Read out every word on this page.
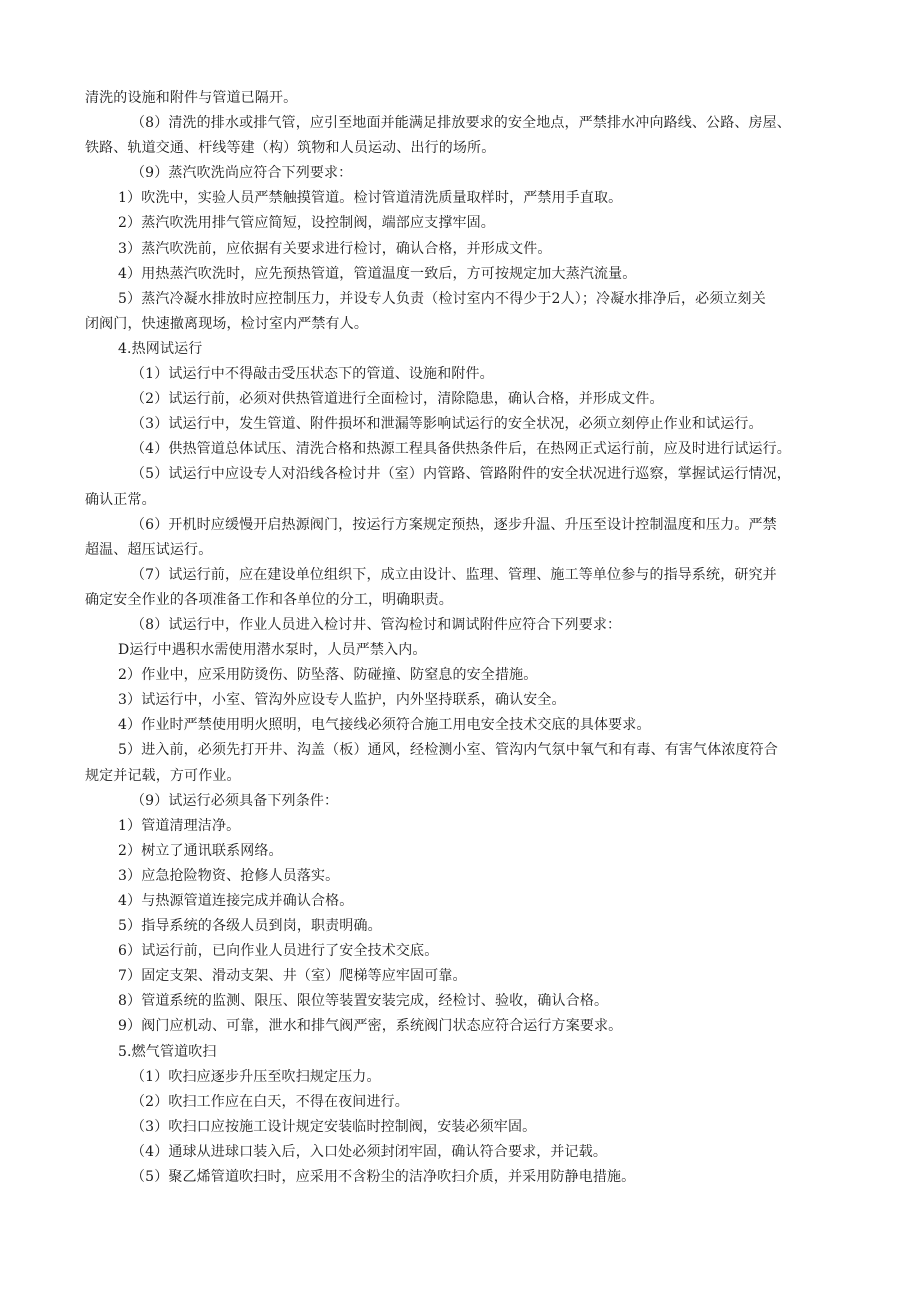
清洗的设施和附件与管道已隔开。
（8）清洗的排水或排气管，应引至地面并能满足排放要求的安全地点，严禁排水冲向路线、公路、房屋、
铁路、轨道交通、杆线等建（构）筑物和人员运动、出行的场所。
（9）蒸汽吹洗尚应符合下列要求：
1）吹洗中，实验人员严禁触摸管道。检讨管道清洗质量取样时，严禁用手直取。
2）蒸汽吹洗用排气管应简短，设控制阀，端部应支撑牢固。
3）蒸汽吹洗前，应依据有关要求进行检讨，确认合格，并形成文件。
4）用热蒸汽吹洗时，应先预热管道，管道温度一致后，方可按规定加大蒸汽流量。
5）蒸汽冷凝水排放时应控制压力，并设专人负责（检讨室内不得少于2人）；冷凝水排净后，必须立刻关
闭阀门，快速撤离现场，检讨室内严禁有人。
4.热网试运行
（1）试运行中不得敲击受压状态下的管道、设施和附件。
（2）试运行前，必须对供热管道进行全面检讨，清除隐患，确认合格，并形成文件。
（3）试运行中，发生管道、附件损坏和泄漏等影响试运行的安全状况，必须立刻停止作业和试运行。
（4）供热管道总体试压、清洗合格和热源工程具备供热条件后，在热网正式运行前，应及时进行试运行。
（5）试运行中应设专人对沿线各检讨井（室）内管路、管路附件的安全状况进行巡察，掌握试运行情况，
确认正常。
（6）开机时应缓慢开启热源阀门，按运行方案规定预热，逐步升温、升压至设计控制温度和压力。严禁
超温、超压试运行。
（7）试运行前，应在建设单位组织下，成立由设计、监理、管理、施工等单位参与的指导系统，研究并
确定安全作业的各项准备工作和各单位的分工，明确职责。
（8）试运行中，作业人员进入检讨井、管沟检讨和调试附件应符合下列要求：
D运行中遇积水需使用潜水泵时，人员严禁入内。
2）作业中，应采用防烫伤、防坠落、防碰撞、防窒息的安全措施。
3）试运行中，小室、管沟外应设专人监护，内外坚持联系，确认安全。
4）作业时严禁使用明火照明，电气接线必须符合施工用电安全技术交底的具体要求。
5）进入前，必须先打开井、沟盖（板）通风，经检测小室、管沟内气氛中氧气和有毒、有害气体浓度符合
规定并记载，方可作业。
（9）试运行必须具备下列条件：
1）管道清理洁净。
2）树立了通讯联系网络。
3）应急抢险物资、抢修人员落实。
4）与热源管道连接完成并确认合格。
5）指导系统的各级人员到岗，职责明确。
6）试运行前，已向作业人员进行了安全技术交底。
7）固定支架、滑动支架、井（室）爬梯等应牢固可靠。
8）管道系统的监测、限压、限位等装置安装完成，经检讨、验收，确认合格。
9）阀门应机动、可靠，泄水和排气阀严密，系统阀门状态应符合运行方案要求。
5.燃气管道吹扫
（1）吹扫应逐步升压至吹扫规定压力。
（2）吹扫工作应在白天，不得在夜间进行。
（3）吹扫口应按施工设计规定安装临时控制阀，安装必须牢固。
（4）通球从进球口装入后，入口处必须封闭牢固，确认符合要求，并记载。
（5）聚乙烯管道吹扫时，应采用不含粉尘的洁净吹扫介质，并采用防静电措施。
